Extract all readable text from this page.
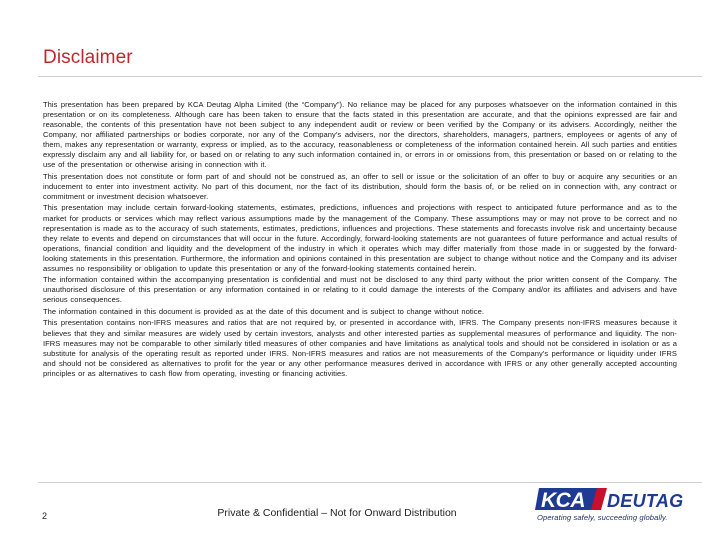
Disclaimer

This presentation has been prepared by KCA Deutag Alpha Limited (the “Company”). No reliance may be placed for any purposes whatsoever on the information contained in this presentation or on its completeness. Although care has been taken to ensure that the facts stated in this presentation are accurate, and that the opinions expressed are fair and reasonable, the contents of this presentation have not been subject to any independent audit or review or been verified by the Company or its advisers. Accordingly, neither the Company, nor affiliated partnerships or bodies corporate, nor any of the Company’s advisers, nor the directors, shareholders, managers, partners, employees or agents of any of them, makes any representation or warranty, express or implied, as to the accuracy, reasonableness or completeness of the information contained herein. All such parties and entities expressly disclaim any and all liability for, or based on or relating to any such information contained in, or errors in or omissions from, this presentation or based on or relating to the use of the presentation or otherwise arising in connection with it.

This presentation does not constitute or form part of and should not be construed as, an offer to sell or issue or the solicitation of an offer to buy or acquire any securities or an inducement to enter into investment activity. No part of this document, nor the fact of its distribution, should form the basis of, or be relied on in connection with, any contract or commitment or investment decision whatsoever.

This presentation may include certain forward-looking statements, estimates, predictions, influences and projections with respect to anticipated future performance and as to the market for products or services which may reflect various assumptions made by the management of the Company. These assumptions may or may not prove to be correct and no representation is made as to the accuracy of such statements, estimates, predictions, influences and projections. These statements and forecasts involve risk and uncertainty because they relate to events and depend on circumstances that will occur in the future. Accordingly, forward-looking statements are not guarantees of future performance and actual results of operations, financial condition and liquidity and the development of the industry in which it operates which may differ materially from those made in or suggested by the forward-looking statements in this presentation. Furthermore, the information and opinions contained in this presentation are subject to change without notice and the Company and its adviser assumes no responsibility or obligation to update this presentation or any of the forward-looking statements contained herein.

The information contained within the accompanying presentation is confidential and must not be disclosed to any third party without the prior written consent of the Company. The unauthorised disclosure of this presentation or any information contained in or relating to it could damage the interests of the Company and/or its affiliates and advisers and have serious consequences.

The information contained in this document is provided as at the date of this document and is subject to change without notice.

This presentation contains non-IFRS measures and ratios that are not required by, or presented in accordance with, IFRS. The Company presents non-IFRS measures because it believes that they and similar measures are widely used by certain investors, analysts and other interested parties as supplemental measures of performance and liquidity. The non-IFRS measures may not be comparable to other similarly titled measures of other companies and have limitations as analytical tools and should not be considered in isolation or as a substitute for analysis of the operating result as reported under IFRS. Non-IFRS measures and ratios are not measurements of the Company’s performance or liquidity under IFRS and should not be considered as alternatives to profit for the year or any other performance measures derived in accordance with IFRS or any other generally accepted accounting principles or as alternatives to cash flow from operating, investing or financing activities.

2	Private & Confidential – Not for Onward Distribution
KCA DEUTAG
Operating safely, succeeding globally.
